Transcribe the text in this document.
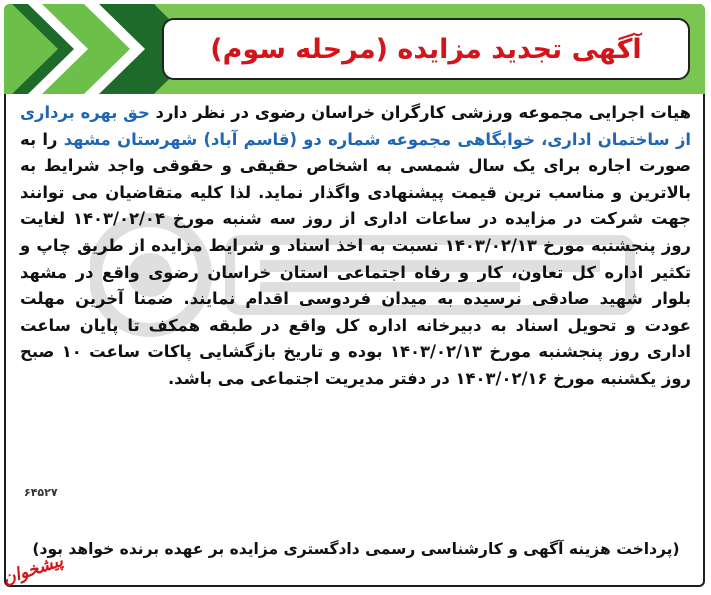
آگهی تجدید مزایده (مرحله سوم)

هیات اجرایی مجموعه ورزشی کارگران خراسان رضوی در نظر دارد حق بهره برداری از ساختمان اداری، خوابگاهی مجموعه شماره دو (قاسم آباد) شهرستان مشهد را به صورت اجاره برای یک سال شمسی به اشخاص حقیقی و حقوقی واجد شرایط به بالاترین و مناسب ترین قیمت پیشنهادی واگذار نماید. لذا کلیه متقاضیان می توانند جهت شرکت در مزایده در ساعات اداری از روز سه شنبه مورخ ۱۴۰۳/۰۲/۰۴ لغایت روز پنجشنبه مورخ ۱۴۰۳/۰۲/۱۳ نسبت به اخذ اسناد و شرایط مزایده از طریق چاپ و تکثیر اداره کل تعاون، کار و رفاه اجتماعی استان خراسان رضوی واقع در مشهد بلوار شهید صادقی نرسیده به میدان فردوسی اقدام نمایند. ضمنا آخرین مهلت عودت و تحویل اسناد به دبیرخانه اداره کل واقع در طبقه همکف تا پایان ساعت اداری روز پنجشنبه مورخ ۱۴۰۳/۰۲/۱۳ بوده و تاریخ بازگشایی پاکات ساعت ۱۰ صبح روز یکشنبه مورخ ۱۴۰۳/۰۲/۱۶ در دفتر مدیریت اجتماعی می باشد.

۶۴۵۲۷
(پرداخت هزینه آگهی و کارشناسی رسمی دادگستری مزایده بر عهده برنده خواهد بود)
پیشخوان
